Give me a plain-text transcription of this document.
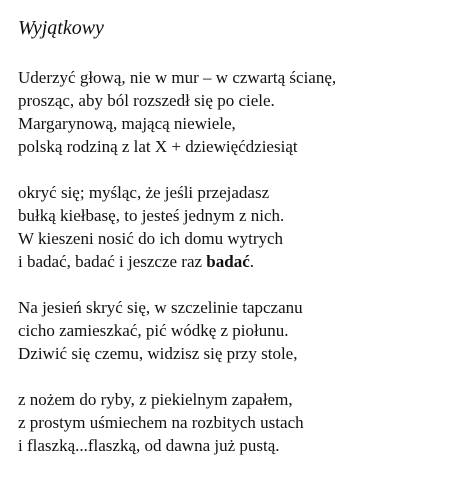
Wyjątkowy
Uderzyć głową, nie w mur – w czwartą ścianę,
prosząc, aby ból rozszedł się po ciele.
Margarynową, mającą niewiele,
polską rodziną z lat X + dziewięćdziesiąt
okryć się; myśląc, że jeśli przejadasz
bułką kiełbasę, to jesteś jednym z nich.
W kieszeni nosić do ich domu wytrych
i badać, badać i jeszcze raz badać.
Na jesień skryć się, w szczelinie tapczanu
cicho zamieszkać, pić wódkę z piołunu.
Dziwić się czemu, widzisz się przy stole,
z nożem do ryby, z piekielnym zapałem,
z prostym uśmiechem na rozbitych ustach
i flaszką...flaszką, od dawna już pustą.
